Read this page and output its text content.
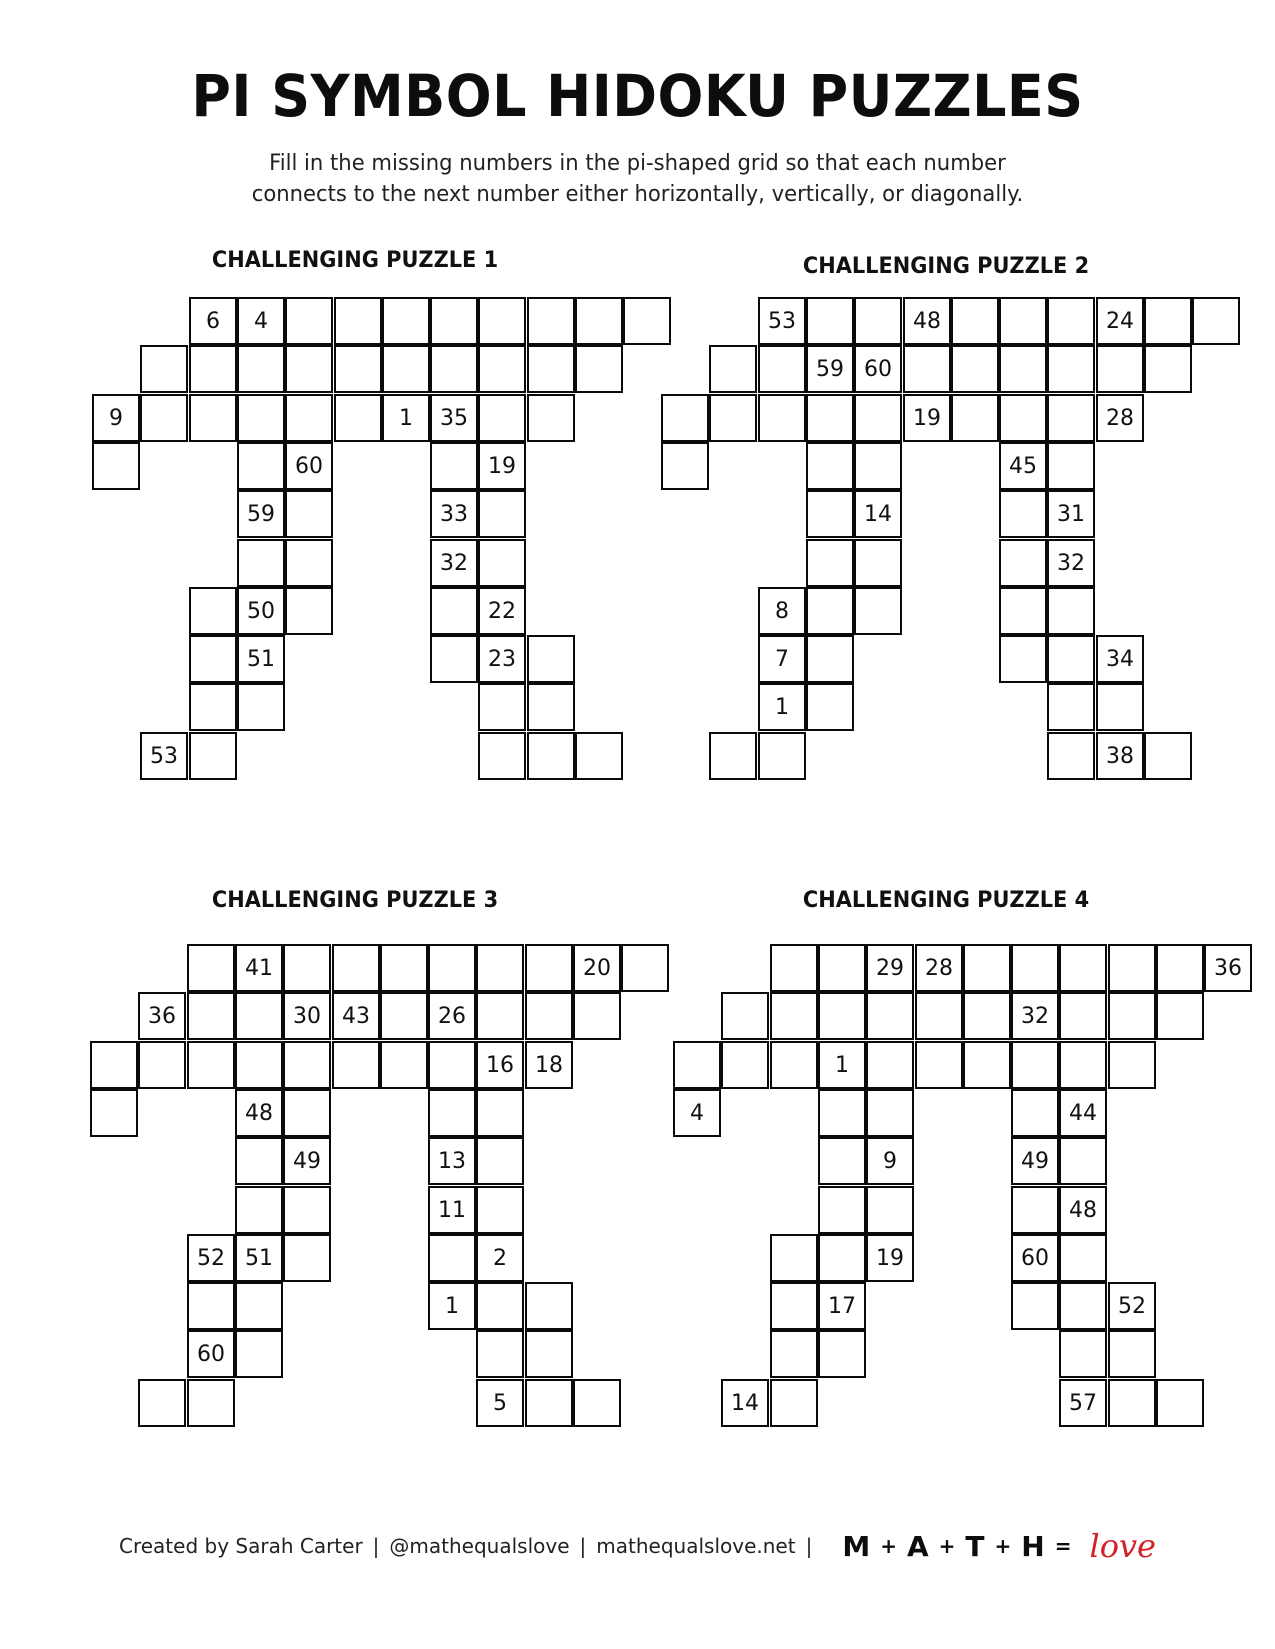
PI SYMBOL HIDOKU PUZZLES
Fill in the missing numbers in the pi-shaped grid so that each number
connects to the next number either horizontally, vertically, or diagonally.
CHALLENGING PUZZLE 1
6	4
9	1	35
60	19
59	33
32
50	22
51	23
53
CHALLENGING PUZZLE 2
53	48	24
59 60
19	28
45
14	31
32
8
7	34
1
38
CHALLENGING PUZZLE 3
41	20
36	30 43	26
16 18
48
49	13
11
52 51	2
1
60
5
CHALLENGING PUZZLE 4
29 28	36
32
1
4	44
9	49
48
19	60
17	52
14	57
Created by Sarah Carter | @mathequalslove | mathequalslove.net | M + A + T + H = love
